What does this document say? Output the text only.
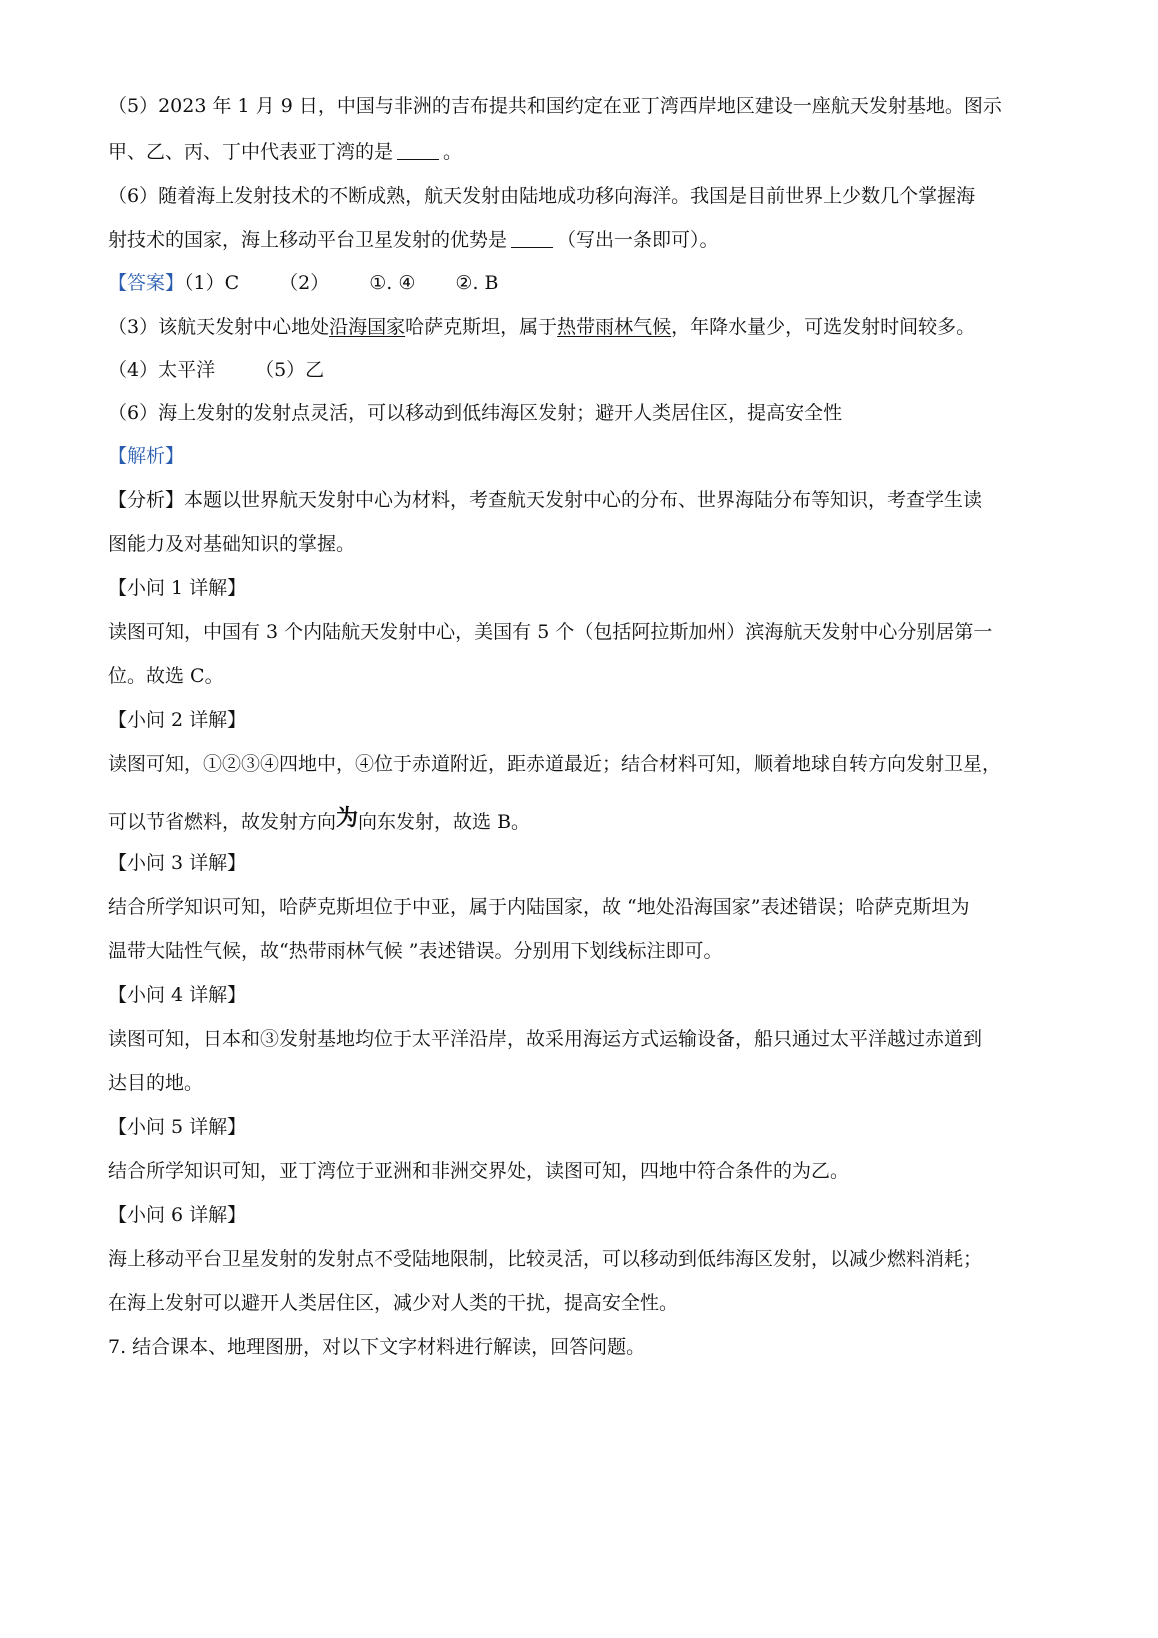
（5）2023 年 1 月 9 日，中国与非洲的吉布提共和国约定在亚丁湾西岸地区建设一座航天发射基地。图示
甲、乙、丙、丁中代表亚丁湾的是	。
（6）随着海上发射技术的不断成熟，航天发射由陆地成功移向海洋。我国是目前世界上少数几个掌握海
射技术的国家，海上移动平台卫星发射的优势是	（写出一条即可）。
【答案】（1）C （2） ①. ④ ②. B
（3）该航天发射中心地处沿海国家哈萨克斯坦，属于热带雨林气候，年降水量少，可选发射时间较多。
（4）太平洋 （5）乙
（6）海上发射的发射点灵活，可以移动到低纬海区发射；避开人类居住区，提高安全性
【解析】
【分析】本题以世界航天发射中心为材料，考查航天发射中心的分布、世界海陆分布等知识，考查学生读
图能力及对基础知识的掌握。
【小问 1 详解】
读图可知，中国有 3 个内陆航天发射中心，美国有 5 个（包括阿拉斯加州）滨海航天发射中心分别居第一
位。故选 C。
【小问 2 详解】
读图可知，①②③④四地中，④位于赤道附近，距赤道最近；结合材料可知，顺着地球自转方向发射卫星，
可以节省燃料，故发射方向为向东发射，故选 B。
【小问 3 详解】
结合所学知识可知，哈萨克斯坦位于中亚，属于内陆国家，故 “地处沿海国家”表述错误；哈萨克斯坦为
温带大陆性气候，故“热带雨林气候 ”表述错误。分别用下划线标注即可。
【小问 4 详解】
读图可知，日本和③发射基地均位于太平洋沿岸，故采用海运方式运输设备，船只通过太平洋越过赤道到
达目的地。
【小问 5 详解】
结合所学知识可知，亚丁湾位于亚洲和非洲交界处，读图可知，四地中符合条件的为乙。
【小问 6 详解】
海上移动平台卫星发射的发射点不受陆地限制，比较灵活，可以移动到低纬海区发射，以减少燃料消耗；
在海上发射可以避开人类居住区，减少对人类的干扰，提高安全性。
7. 结合课本、地理图册，对以下文字材料进行解读，回答问题。
